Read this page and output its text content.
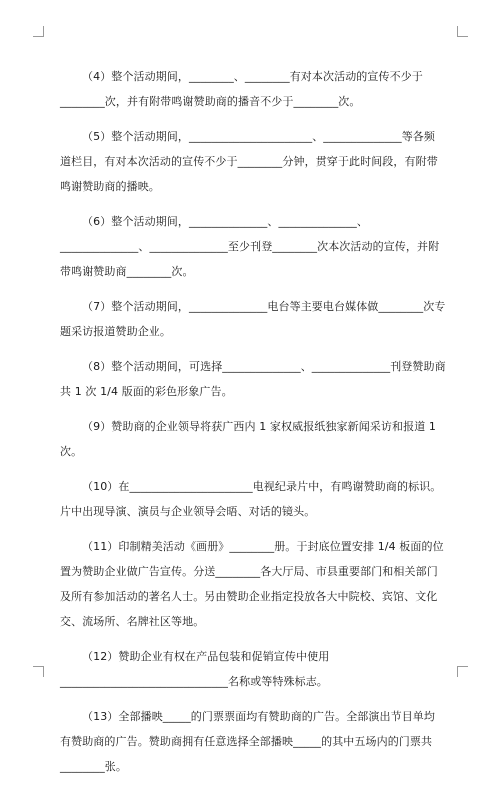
（4）整个活动期间，________、________有对本次活动的宣传不少于________次，并有附带鸣谢赞助商的播音不少于________次。

（5）整个活动期间，______________________、______________等各频道栏目，有对本次活动的宣传不少于________分钟，贯穿于此时间段，有附带鸣谢赞助商的播映。

（6）整个活动期间，______________、______________、______________、______________至少刊登________次本次活动的宣传，并附带鸣谢赞助商________次。

（7）整个活动期间，______________电台等主要电台媒体做________次专题采访报道赞助企业。

（8）整个活动期间，可选择______________、______________刊登赞助商共 1 次 1/4 版面的彩色形象广告。

（9）赞助商的企业领导将获广西内 1 家权威报纸独家新闻采访和报道 1 次。

（10）在______________________电视纪录片中，有鸣谢赞助商的标识。片中出现导演、演员与企业领导会晤、对话的镜头。

（11）印制精美活动《画册》________册。于封底位置安排 1/4 板面的位置为赞助企业做广告宣传。分送________各大厅局、市县重要部门和相关部门及所有参加活动的著名人士。另由赞助企业指定投放各大中院校、宾馆、文化交、流场所、名牌社区等地。

（12）赞助企业有权在产品包装和促销宣传中使用______________________________名称或等特殊标志。

（13）全部播映_____的门票票面均有赞助商的广告。全部演出节目单均有赞助商的广告。赞助商拥有任意选择全部播映_____的其中五场内的门票共________张。
